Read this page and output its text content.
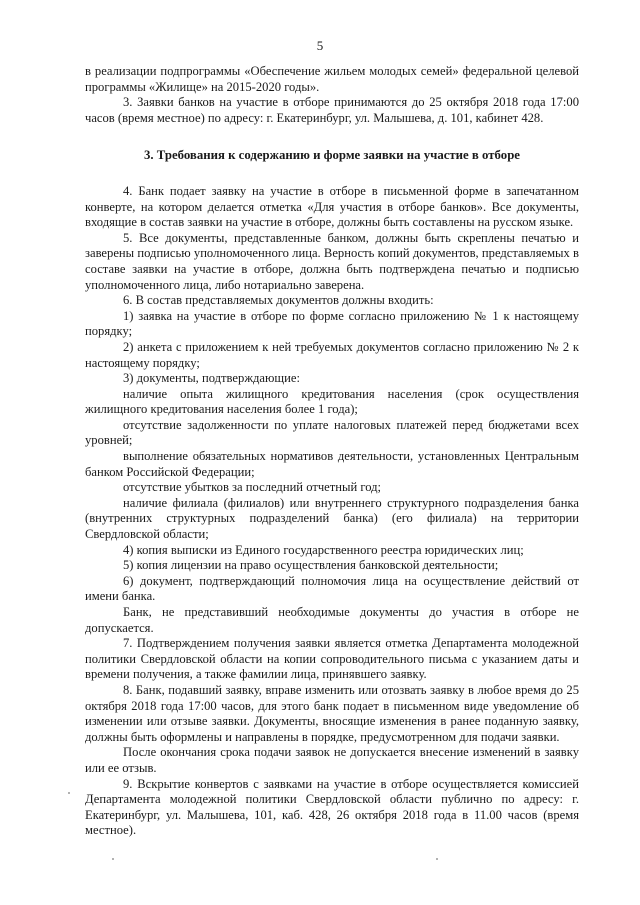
5

в реализации подпрограммы «Обеспечение жильем молодых семей» федеральной целевой программы «Жилище» на 2015-2020 годы».

3. Заявки банков на участие в отборе принимаются до 25 октября 2018 года 17:00 часов (время местное) по адресу: г. Екатеринбург, ул. Малышева, д. 101, кабинет 428.

3. Требования к содержанию и форме заявки на участие в отборе

4. Банк подает заявку на участие в отборе в письменной форме в запечатанном конверте, на котором делается отметка «Для участия в отборе банков». Все документы, входящие в состав заявки на участие в отборе, должны быть составлены на русском языке.

5. Все документы, представленные банком, должны быть скреплены печатью и заверены подписью уполномоченного лица. Верность копий документов, представляемых в составе заявки на участие в отборе, должна быть подтверждена печатью и подписью уполномоченного лица, либо нотариально заверена.

6. В состав представляемых документов должны входить:

1) заявка на участие в отборе по форме согласно приложению № 1 к настоящему порядку;

2) анкета с приложением к ней требуемых документов согласно приложению № 2 к настоящему порядку;

3) документы, подтверждающие:

наличие опыта жилищного кредитования населения (срок осуществления жилищного кредитования населения более 1 года);

отсутствие задолженности по уплате налоговых платежей перед бюджетами всех уровней;

выполнение обязательных нормативов деятельности, установленных Центральным банком Российской Федерации;

отсутствие убытков за последний отчетный год;

наличие филиала (филиалов) или внутреннего структурного подразделения банка (внутренних структурных подразделений банка) (его филиала) на территории Свердловской области;

4) копия выписки из Единого государственного реестра юридических лиц;

5) копия лицензии на право осуществления банковской деятельности;

6) документ, подтверждающий полномочия лица на осуществление действий от имени банка.

Банк, не представивший необходимые документы до участия в отборе не допускается.

7. Подтверждением получения заявки является отметка Департамента молодежной политики Свердловской области на копии сопроводительного письма с указанием даты и времени получения, а также фамилии лица, принявшего заявку.

8. Банк, подавший заявку, вправе изменить или отозвать заявку в любое время до 25 октября 2018 года 17:00 часов, для этого банк подает в письменном виде уведомление об изменении или отзыве заявки. Документы, вносящие изменения в ранее поданную заявку, должны быть оформлены и направлены в порядке, предусмотренном для подачи заявки.

После окончания срока подачи заявок не допускается внесение изменений в заявку или ее отзыв.

9. Вскрытие конвертов с заявками на участие в отборе осуществляется комиссией Департамента молодежной политики Свердловской области публично по адресу: г. Екатеринбург, ул. Малышева, 101, каб. 428, 26 октября 2018 года в 11.00 часов (время местное).
